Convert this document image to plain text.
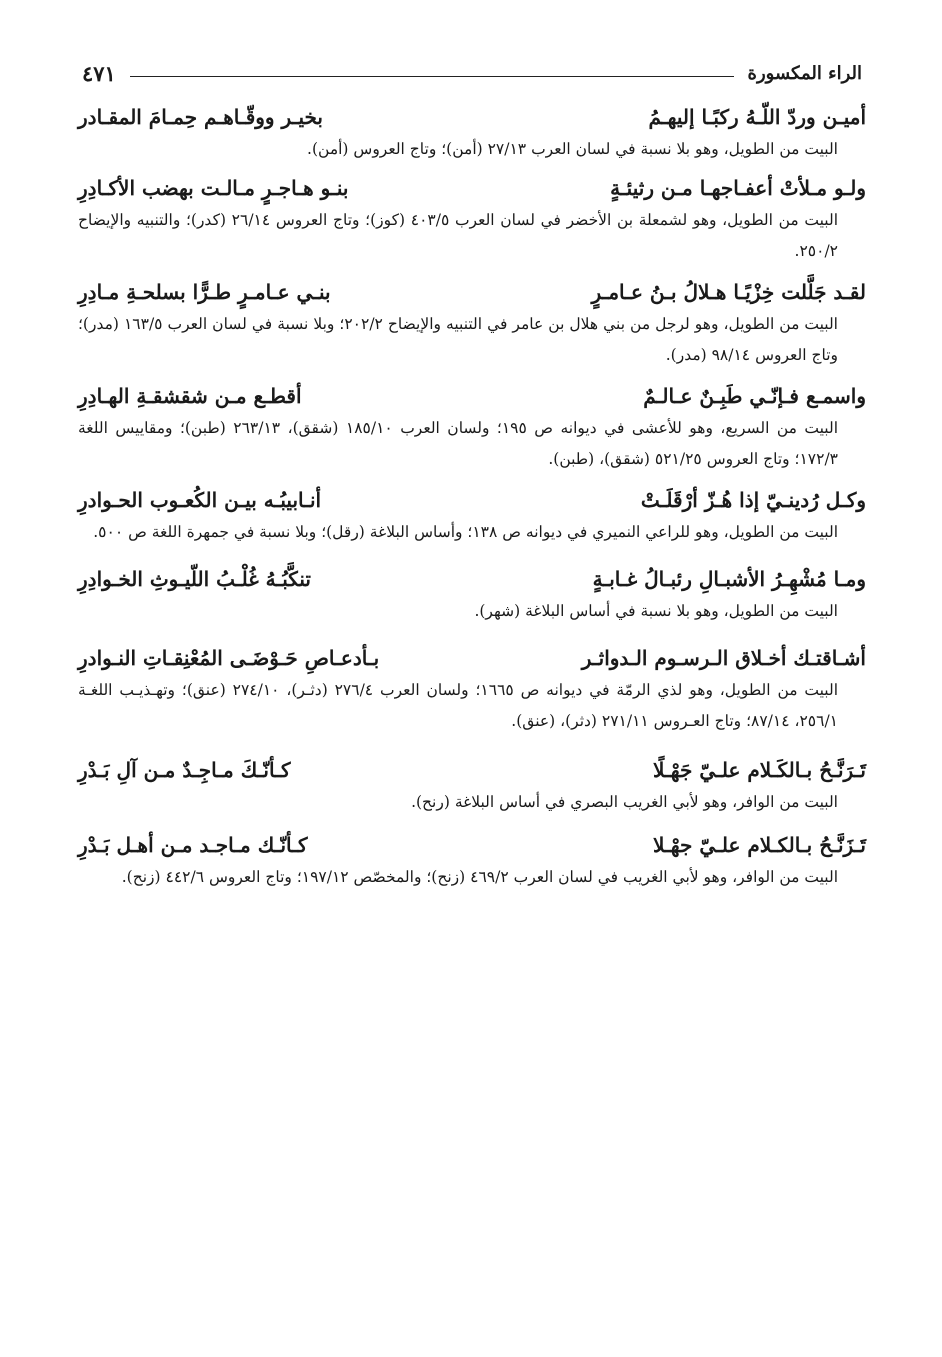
الراء المكسورة
٤٧١
أميـن وردّ اللّـهُ ركبًـا إليهـمُ
بخيـر ووقّـاهـم حِمـامَ المقـادر
البيت من الطويل، وهو بلا نسبة في لسان العرب ٢٧/١٣ (أمن)؛ وتاج العروس (أمن).
ولـو مـلأتْ أعفـاجهـا مـن رثيئـةٍ
بنـو هـاجـرٍ مـالـت بهضب الأكـادِرِ
البيت من الطويل، وهو لشمعلة بن الأخضر في لسان العرب ٤٠٣/٥ (كوز)؛ وتاج العروس ٢٦/١٤ (كدر)؛ والتنبيه والإيضاح ٢٥٠/٢.
لقـد جَلَّلت خِزْيًـا هـلالُ بـنُ عـامـرٍ
بنـي عـامـرٍ طـرًّا بسلحـةِ مـادِرِ
البيت من الطويل، وهو لرجل من بني هلال بن عامر في التنبيه والإيضاح ٢٠٢/٢؛ وبلا نسبة في لسان العرب ١٦٣/٥ (مدر)؛ وتاج العروس ٩٨/١٤ (مدر).
واسمـع فـإنّـي طَبِـنٌ عـالـمٌ
أقطـع مـن شقشقـةِ الهـادِرِ
البيت من السريع، وهو للأعشى في ديوانه ص ١٩٥؛ ولسان العرب ١٨٥/١٠ (شقق)، ٢٦٣/١٣ (طبن)؛ ومقاييس اللغة ١٧٢/٣؛ وتاج العروس ٥٢١/٢٥ (شقق)، (طبن).
وكـل رُدينـيّ إذا هُـزّ أرْقَلَـتْ
أنـابيبُـه بيـن الكُعـوب الحـوادرِ
البيت من الطويل، وهو للراعي النميري في ديوانه ص ١٣٨؛ وأساس البلاغة (رقل)؛ وبلا نسبة في جمهرة اللغة ص ٥٠٠.
ومـا مُشْهِـرُ الأشبـالِ رئبـالُ غـابـةٍ
تنكَّبُـهُ غُلْـبُ اللّيـوثِ الخـوادِرِ
البيت من الطويل، وهو بلا نسبة في أساس البلاغة (شهر).
أشـاقتـك أخـلاق الـرسـوم الـدواثـر
بـأدعـاصِ حَـوْضَـى المُعْنِقـاتِ النـوادرِ
البيت من الطويل، وهو لذي الرمّة في ديوانه ص ١٦٦٥؛ ولسان العرب ٢٧٦/٤ (دثـر)، ٢٧٤/١٠ (عنق)؛ وتهـذيـب اللغـة ٢٥٦/١، ٨٧/١٤؛ وتاج العـروس ٢٧١/١١ (دثر)، (عنق).
تَـرَنَّـحُ بـالكَـلام علـيّ جَهْـلًا
كـأنّـكَ مـاجِـدٌ مـن آلِ بَـدْرِ
البيت من الوافر، وهو لأبي الغريب البصري في أساس البلاغة (رنح).
تَـزَنَّـحُ بـالكـلام علـيّ جهْـلا
كـأنّـك مـاجـد مـن أهـل بَـدْرِ
البيت من الوافر، وهو لأبي الغريب في لسان العرب ٤٦٩/٢ (زنح)؛ والمخصّص ١٩٧/١٢؛ وتاج العروس ٤٤٢/٦ (زنح).
